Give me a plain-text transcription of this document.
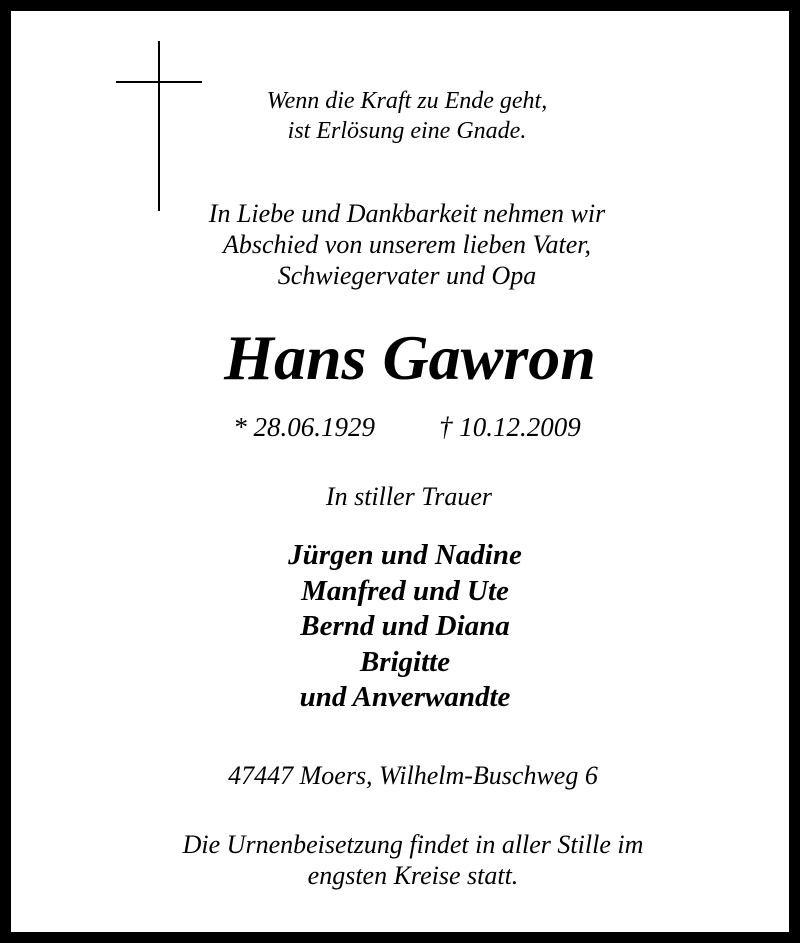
Wenn die Kraft zu Ende geht,
ist Erlösung eine Gnade.
In Liebe und Dankbarkeit nehmen wir
Abschied von unserem lieben Vater,
Schwiegervater und Opa
Hans Gawron
* 28.06.1929 † 10.12.2009
In stiller Trauer
Jürgen und Nadine
Manfred und Ute
Bernd und Diana
Brigitte
und Anverwandte
47447 Moers, Wilhelm-Buschweg 6
Die Urnenbeisetzung findet in aller Stille im
engsten Kreise statt.
